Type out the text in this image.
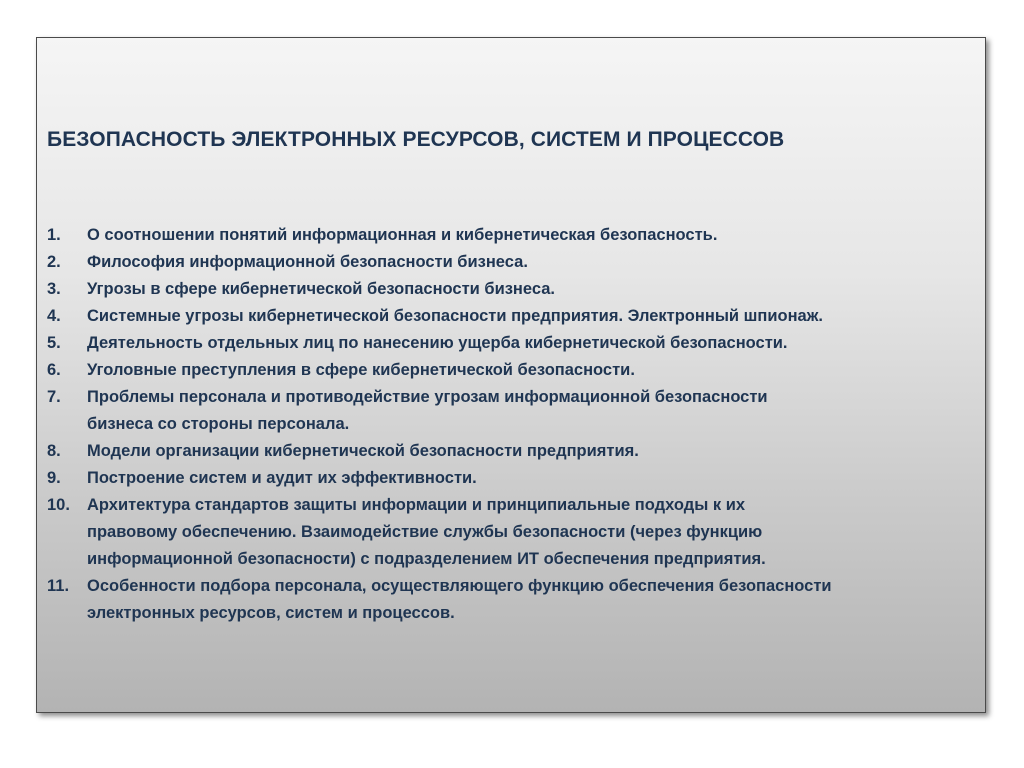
БЕЗОПАСНОСТЬ ЭЛЕКТРОННЫХ РЕСУРСОВ, СИСТЕМ И ПРОЦЕССОВ
1.	О соотношении понятий информационная и кибернетическая безопасность.
2.	Философия информационной безопасности бизнеса.
3.	Угрозы в сфере кибернетической безопасности бизнеса.
4.	Системные угрозы кибернетической безопасности предприятия. Электронный шпионаж.
5.	Деятельность отдельных лиц по нанесению ущерба кибернетической безопасности.
6.	Уголовные преступления в сфере кибернетической безопасности.
7.	Проблемы персонала и противодействие угрозам информационной безопасности
бизнеса со стороны персонала.
8.	Модели организации кибернетической безопасности предприятия.
9.	Построение систем и аудит их эффективности.
10.	Архитектура стандартов защиты информации и принципиальные подходы к их
правовому обеспечению. Взаимодействие службы безопасности (через функцию
информационной безопасности) с подразделением ИТ обеспечения предприятия.
11.	Особенности подбора персонала, осуществляющего функцию обеспечения безопасности
электронных ресурсов, систем и процессов.
